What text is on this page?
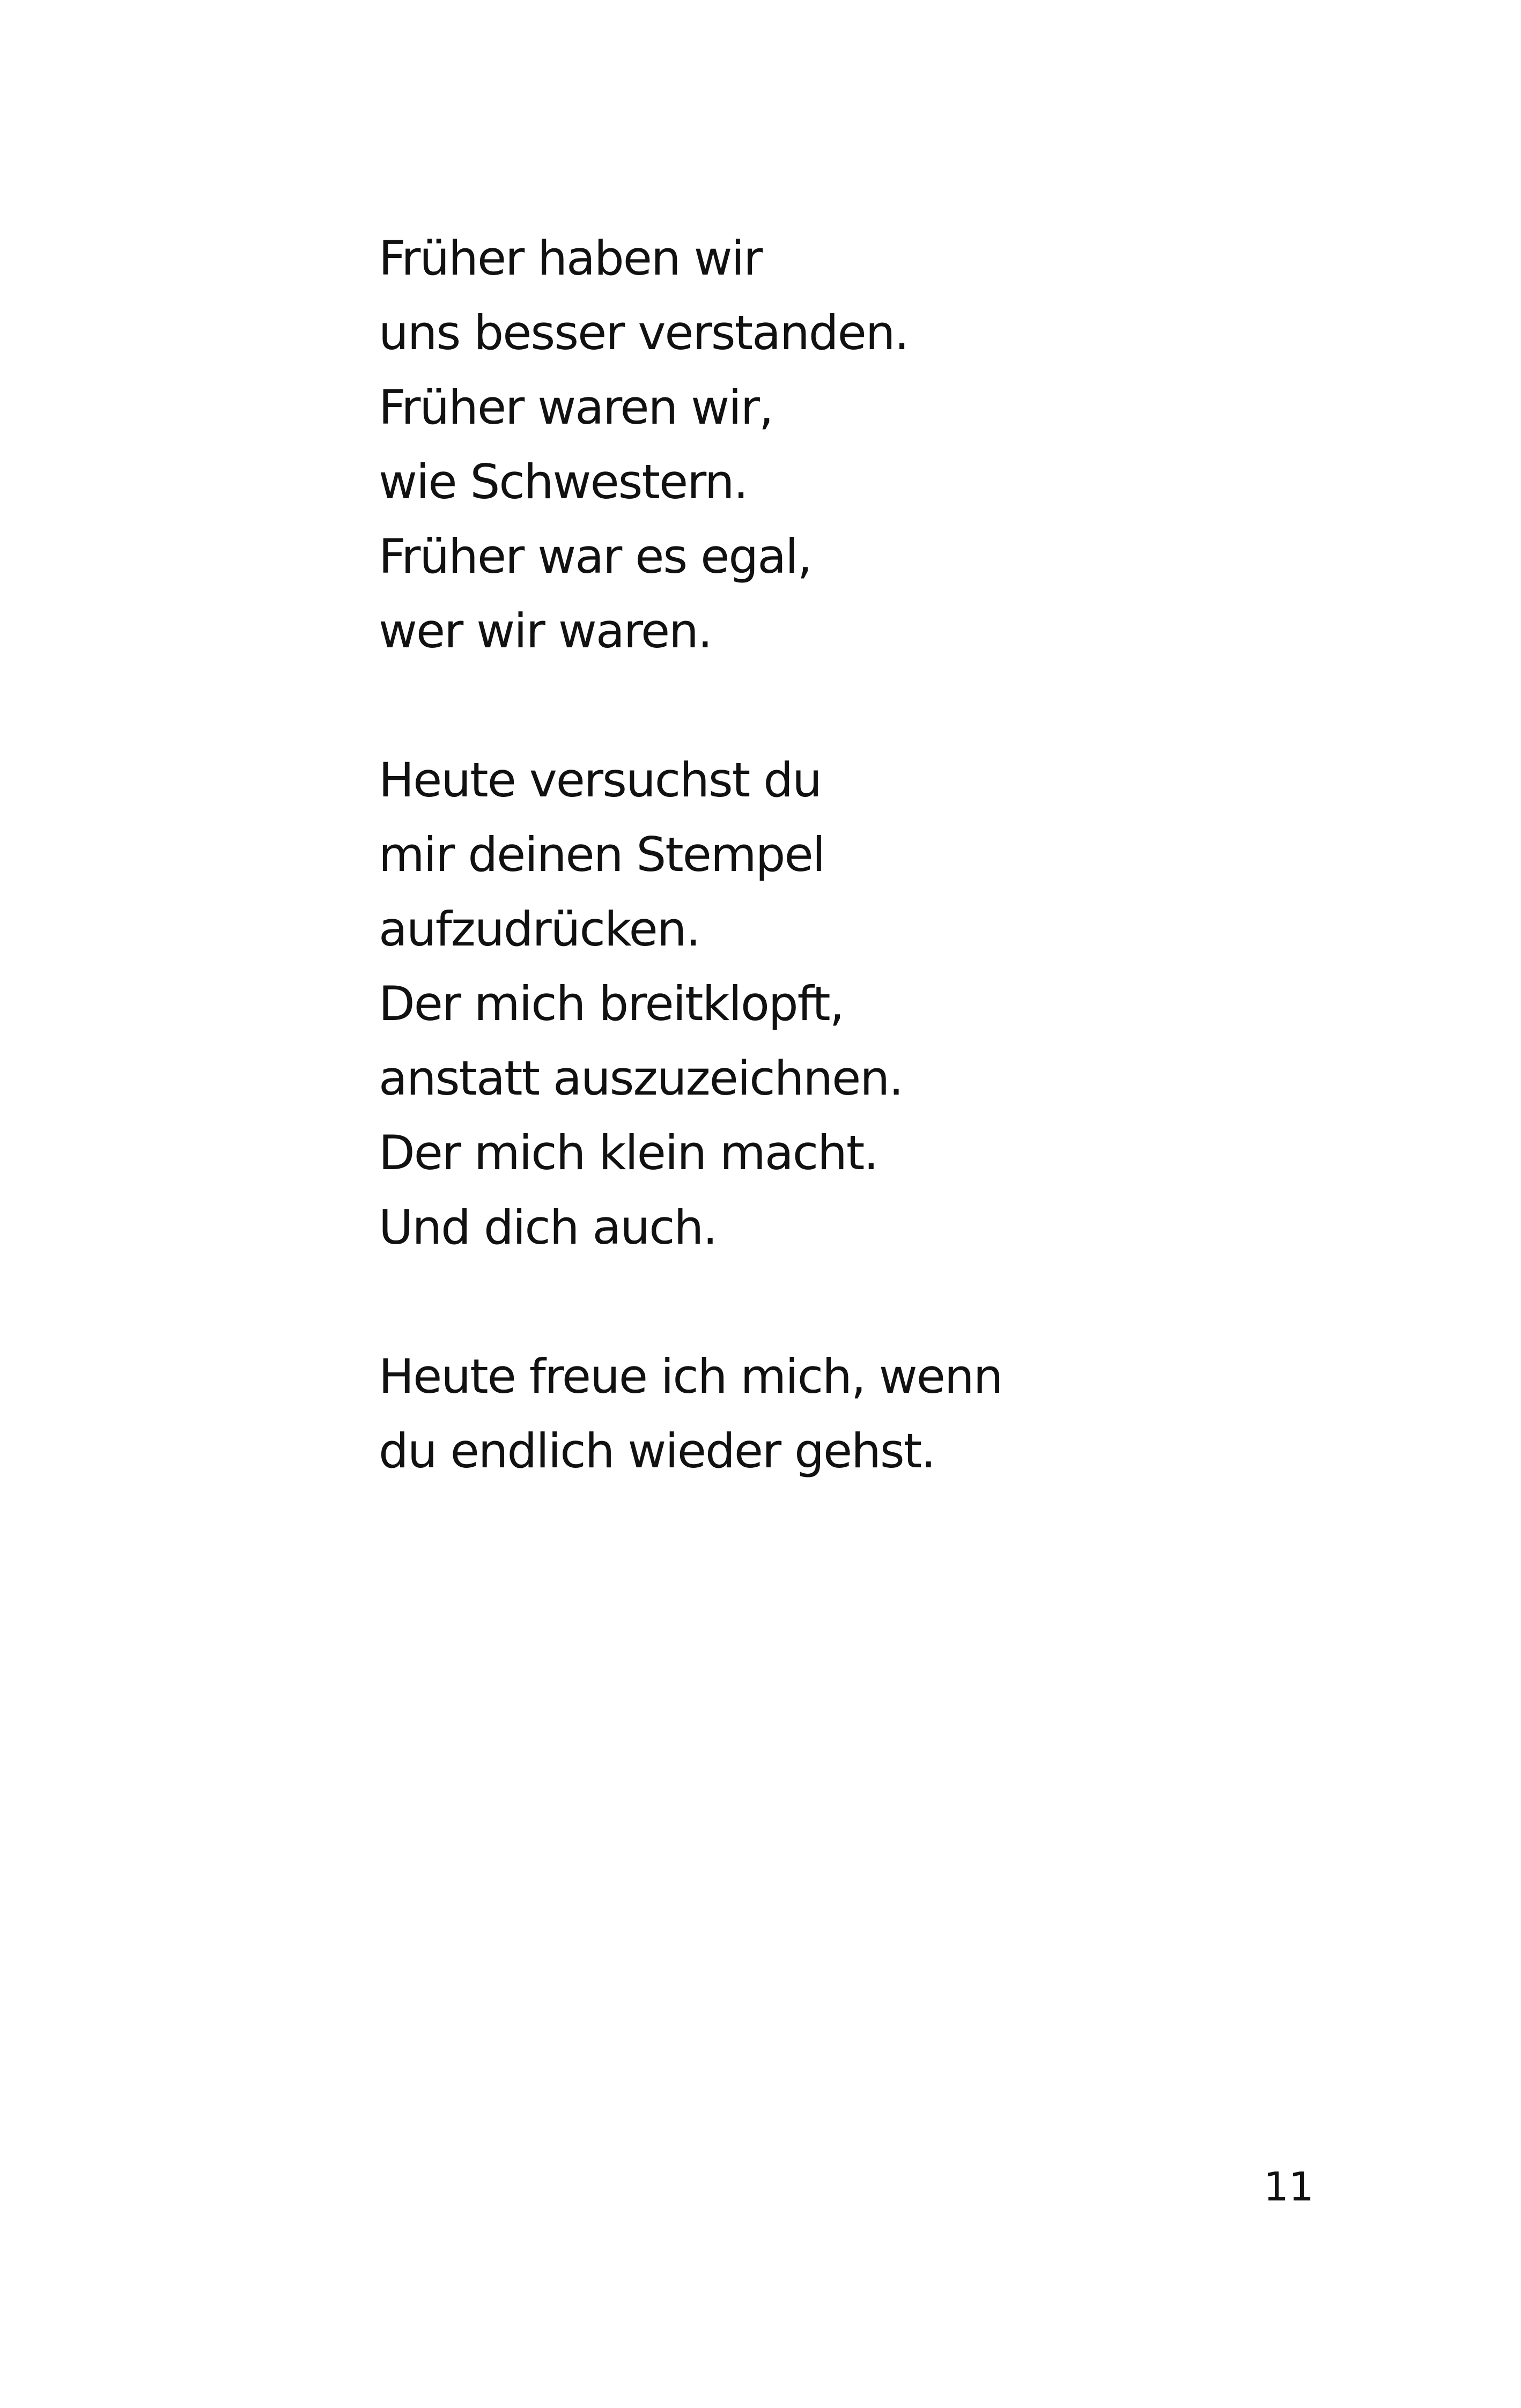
Früher haben wir
uns besser verstanden.
Früher waren wir,
wie Schwestern.
Früher war es egal,
wer wir waren.
Heute versuchst du
mir deinen Stempel
aufzudrücken.
Der mich breitklopft,
anstatt auszuzeichnen.
Der mich klein macht.
Und dich auch.
Heute freue ich mich, wenn
du endlich wieder gehst.
11
